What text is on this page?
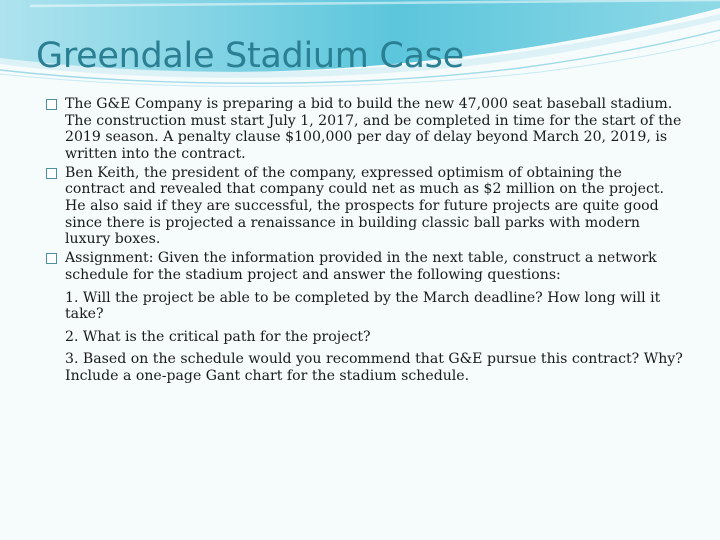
Greendale Stadium Case
The G&E Company is preparing a bid to build the new 47,000 seat baseball stadium. The construction must start July 1, 2017, and be completed in time for the start of the 2019 season. A penalty clause $100,000 per day of delay beyond March 20, 2019, is written into the contract.
Ben Keith, the president of the company, expressed optimism of obtaining the contract and revealed that company could net as much as $2 million on the project. He also said if they are successful, the prospects for future projects are quite good since there is projected a renaissance in building classic ball parks with modern luxury boxes.
Assignment: Given the information provided in the next table, construct a network schedule for the stadium project and answer the following questions:
1. Will the project be able to be completed by the March deadline? How long will it take?
2. What is the critical path for the project?
3. Based on the schedule would you recommend that G&E pursue this contract? Why? Include a one-page Gant chart for the stadium schedule.
